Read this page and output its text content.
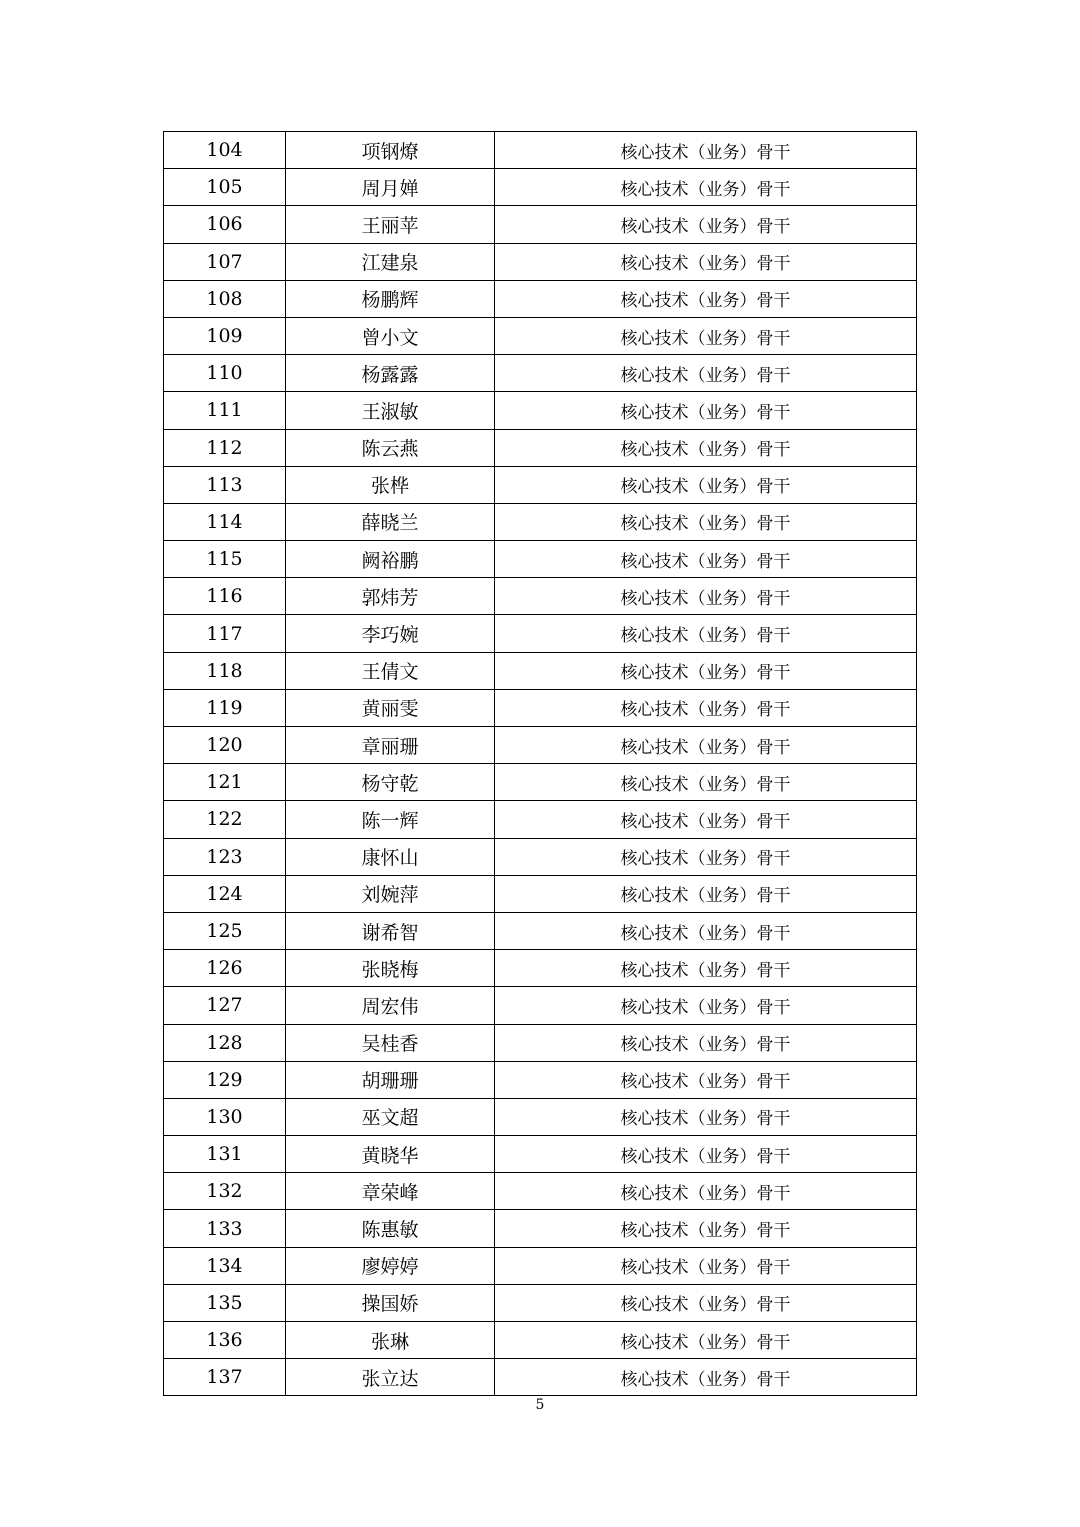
104	项钢燎	核心技术（业务）骨干
105	周月婵	核心技术（业务）骨干
106	王丽苹	核心技术（业务）骨干
107	江建泉	核心技术（业务）骨干
108	杨鹏辉	核心技术（业务）骨干
109	曾小文	核心技术（业务）骨干
110	杨露露	核心技术（业务）骨干
111	王淑敏	核心技术（业务）骨干
112	陈云燕	核心技术（业务）骨干
113	张桦	核心技术（业务）骨干
114	薛晓兰	核心技术（业务）骨干
115	阙裕鹏	核心技术（业务）骨干
116	郭炜芳	核心技术（业务）骨干
117	李巧婉	核心技术（业务）骨干
118	王倩文	核心技术（业务）骨干
119	黄丽雯	核心技术（业务）骨干
120	章丽珊	核心技术（业务）骨干
121	杨守乾	核心技术（业务）骨干
122	陈一辉	核心技术（业务）骨干
123	康怀山	核心技术（业务）骨干
124	刘婉萍	核心技术（业务）骨干
125	谢希智	核心技术（业务）骨干
126	张晓梅	核心技术（业务）骨干
127	周宏伟	核心技术（业务）骨干
128	吴桂香	核心技术（业务）骨干
129	胡珊珊	核心技术（业务）骨干
130	巫文超	核心技术（业务）骨干
131	黄晓华	核心技术（业务）骨干
132	章荣峰	核心技术（业务）骨干
133	陈惠敏	核心技术（业务）骨干
134	廖婷婷	核心技术（业务）骨干
135	操国娇	核心技术（业务）骨干
136	张琳	核心技术（业务）骨干
137	张立达	核心技术（业务）骨干
5
